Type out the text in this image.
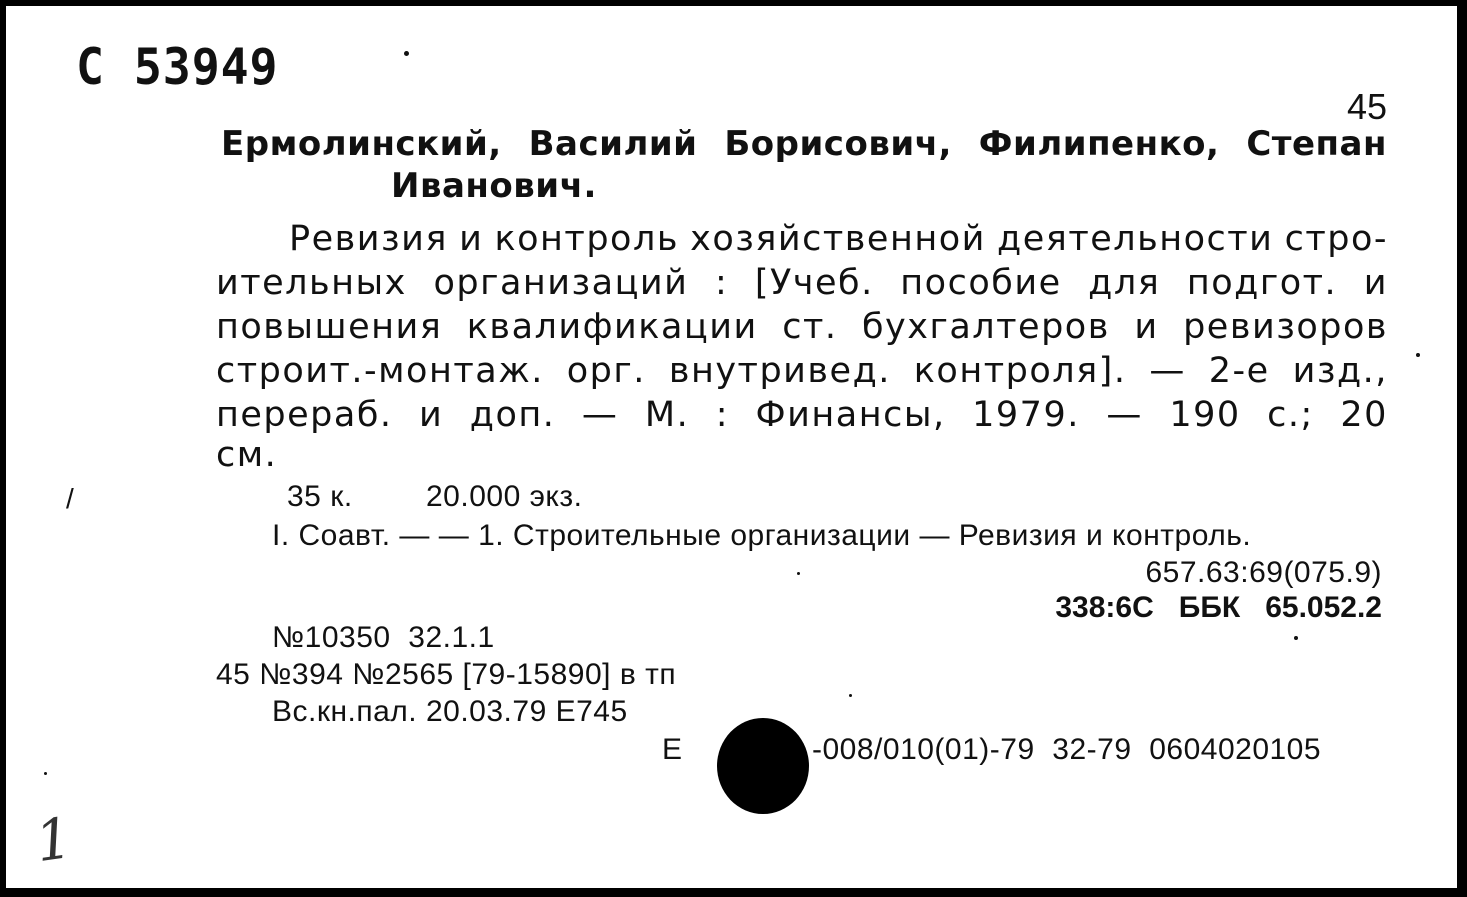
С 53949
45
Ермолинский, Василий Борисович, Филипенко, Степан
Иванович.
Ревизия и контроль хозяйственной деятельности стро-
ительных организаций : [Учеб. пособие для подгот. и
повышения квалификации ст. бухгалтеров и ревизоров
строит.-монтаж. орг. внутривед. контроля]. — 2-е изд.,
перераб. и доп. — М. : Финансы, 1979. — 190 с.; 20
см.
/	35 к. 20.000 экз.
I. Соавт. — — 1. Строительные организации — Ревизия и контроль.
657.63:69(075.9)
338:6С   ББК   65.052.2
№10350  32.1.1
45 №394 №2565 [79-15890] в тп
Вс.кн.пал. 20.03.79 Е745
Е	-008/010(01)-79  32-79  0604020105
1
